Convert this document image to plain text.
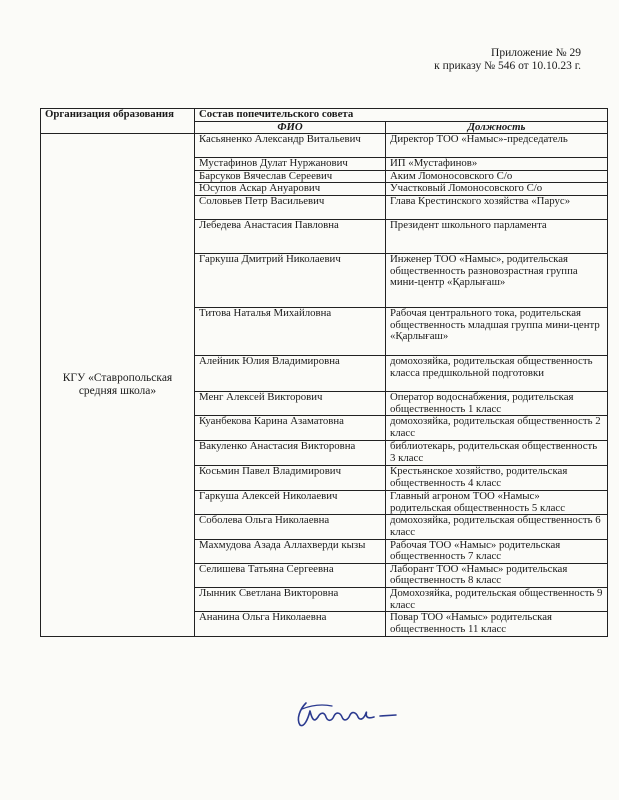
Приложение № 29
к приказу № 546 от 10.10.23 г.
Организация образования	Состав попечительского совета	
	ФИО	Должность
КГУ «Ставропольская средняя школа»	Касьяненко Александр Витальевич	Директор ТОО «Намыс»-председатель
	Мустафинов Дулат Нуржанович	ИП «Мустафинов»
	Барсуков Вячеслав Сереевич	Аким Ломоносовского С/о
	Юсупов Аскар Ануарович	Участковый Ломоносовского С/о
	Соловьев Петр Васильевич	Глава Крестинского хозяйства «Парус»
	Лебедева Анастасия Павловна	Президент школьного парламента
	Гаркуша Дмитрий Николаевич	Инженер ТОО «Намыс», родительская общественность разновозрастная группа мини-центр «Қарлығаш»
	Титова Наталья Михайловна	Рабочая центрального тока, родительская общественность младшая группа мини-центр «Қарлығаш»
	Алейник Юлия Владимировна	домохозяйка, родительская общественность класса предшкольной подготовки
	Менг Алексей Викторович	Оператор водоснабжения, родительская общественность 1 класс
	Куанбекова Карина Азаматовна	домохозяйка, родительская общественность 2 класс
	Вакуленко Анастасия Викторовна	библиотекарь, родительская общественность 3 класс
	Косьмин Павел Владимирович	Крестьянское хозяйство, родительская общественность 4 класс
	Гаркуша Алексей Николаевич	Главный агроном ТОО «Намыс» родительская общественность 5 класс
	Соболева Ольга Николаевна	домохозяйка, родительская общественность 6 класс
	Махмудова Азада Аллахверди кызы	Рабочая ТОО «Намыс» родительская общественность 7 класс
	Селишева Татьяна Сергеевна	Лаборант ТОО «Намыс» родительская общественность 8 класс
	Лынник Светлана Викторовна	Домохозяйка, родительская общественность 9 класс
	Ананина Ольга Николаевна	Повар ТОО «Намыс» родительская общественность 11 класс
